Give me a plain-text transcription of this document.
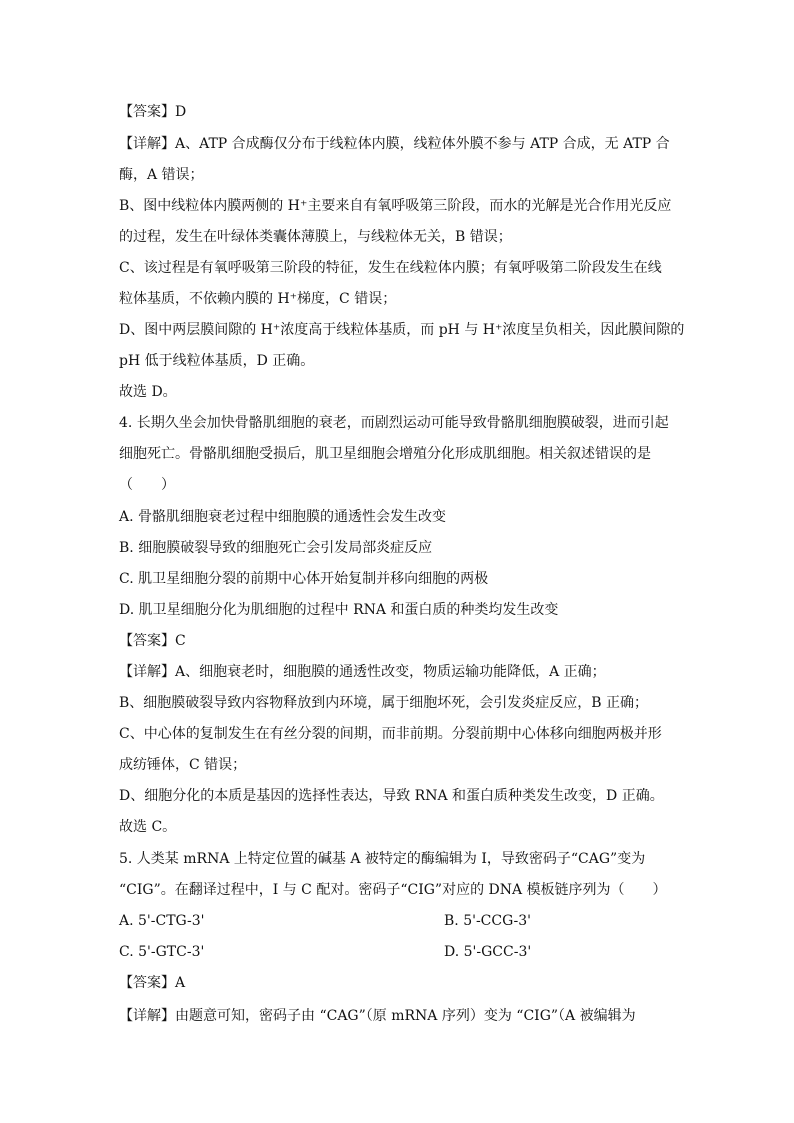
【答案】D
【详解】A、ATP 合成酶仅分布于线粒体内膜，线粒体外膜不参与 ATP 合成，无 ATP 合
酶，A 错误；
B、图中线粒体内膜两侧的 H⁺主要来自有氧呼吸第三阶段，而水的光解是光合作用光反应
的过程，发生在叶绿体类囊体薄膜上，与线粒体无关，B 错误；
C、该过程是有氧呼吸第三阶段的特征，发生在线粒体内膜；有氧呼吸第二阶段发生在线
粒体基质，不依赖内膜的 H⁺梯度，C 错误；
D、图中两层膜间隙的 H⁺浓度高于线粒体基质，而 pH 与 H⁺浓度呈负相关，因此膜间隙的
pH 低于线粒体基质，D 正确。
故选 D。
4. 长期久坐会加快骨骼肌细胞的衰老，而剧烈运动可能导致骨骼肌细胞膜破裂，进而引起
细胞死亡。骨骼肌细胞受损后，肌卫星细胞会增殖分化形成肌细胞。相关叙述错误的是
（　　）
A. 骨骼肌细胞衰老过程中细胞膜的通透性会发生改变
B. 细胞膜破裂导致的细胞死亡会引发局部炎症反应
C. 肌卫星细胞分裂的前期中心体开始复制并移向细胞的两极
D. 肌卫星细胞分化为肌细胞的过程中 RNA 和蛋白质的种类均发生改变
【答案】C
【详解】A、细胞衰老时，细胞膜的通透性改变，物质运输功能降低，A 正确；
B、细胞膜破裂导致内容物释放到内环境，属于细胞坏死，会引发炎症反应，B 正确；
C、中心体的复制发生在有丝分裂的间期，而非前期。分裂前期中心体移向细胞两极并形
成纺锤体，C 错误；
D、细胞分化的本质是基因的选择性表达，导致 RNA 和蛋白质种类发生改变，D 正确。
故选 C。
5. 人类某 mRNA 上特定位置的碱基 A 被特定的酶编辑为 I，导致密码子“CAG”变为
“CIG”。在翻译过程中，I 与 C 配对。密码子“CIG”对应的 DNA 模板链序列为（　　）
A. 5'-CTG-3'	B. 5'-CCG-3'
C. 5'-GTC-3'	D. 5'-GCC-3'
【答案】A
【详解】由题意可知，密码子由 “CAG”（原 mRNA 序列）变为 “CIG”（A 被编辑为
